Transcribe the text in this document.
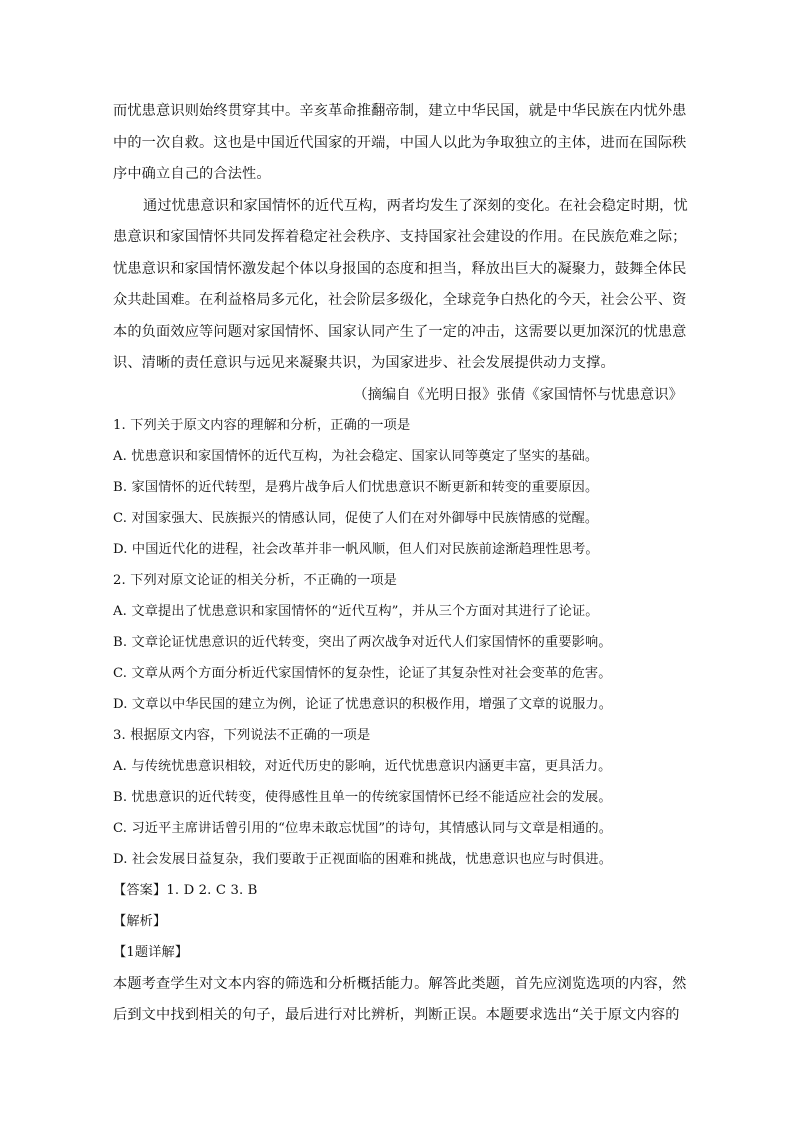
而忧患意识则始终贯穿其中。辛亥革命推翻帝制，建立中华民国，就是中华民族在内忧外患
中的一次自救。这也是中国近代国家的开端，中国人以此为争取独立的主体，进而在国际秩
序中确立自己的合法性。
通过忧患意识和家国情怀的近代互构，两者均发生了深刻的变化。在社会稳定时期，忧
患意识和家国情怀共同发挥着稳定社会秩序、支持国家社会建设的作用。在民族危难之际；
忧患意识和家国情怀激发起个体以身报国的态度和担当，释放出巨大的凝聚力，鼓舞全体民
众共赴国难。在利益格局多元化，社会阶层多级化，全球竞争白热化的今天，社会公平、资
本的负面效应等问题对家国情怀、国家认同产生了一定的冲击，这需要以更加深沉的忧患意
识、清晰的责任意识与远见来凝聚共识，为国家进步、社会发展提供动力支撑。
（摘编自《光明日报》张倩《家国情怀与忧患意识》
1. 下列关于原文内容的理解和分析，正确的一项是
A. 忧患意识和家国情怀的近代互构，为社会稳定、国家认同等奠定了坚实的基础。
B. 家国情怀的近代转型，是鸦片战争后人们忧患意识不断更新和转变的重要原因。
C. 对国家强大、民族振兴的情感认同，促使了人们在对外御辱中民族情感的觉醒。
D. 中国近代化的进程，社会改革并非一帆风顺，但人们对民族前途渐趋理性思考。
2. 下列对原文论证的相关分析，不正确的一项是
A. 文章提出了忧患意识和家国情怀的“近代互构”，并从三个方面对其进行了论证。
B. 文章论证忧患意识的近代转变，突出了两次战争对近代人们家国情怀的重要影响。
C. 文章从两个方面分析近代家国情怀的复杂性，论证了其复杂性对社会变革的危害。
D. 文章以中华民国的建立为例，论证了忧患意识的积极作用，增强了文章的说服力。
3. 根据原文内容，下列说法不正确的一项是
A. 与传统忧患意识相较，对近代历史的影响，近代忧患意识内涵更丰富，更具活力。
B. 忧患意识的近代转变，使得感性且单一的传统家国情怀已经不能适应社会的发展。
C. 习近平主席讲话曾引用的“位卑未敢忘忧国”的诗句，其情感认同与文章是相通的。
D. 社会发展日益复杂，我们要敢于正视面临的困难和挑战，忧患意识也应与时俱进。
【答案】1. D 2. C 3. B
【解析】
【1题详解】
本题考查学生对文本内容的筛选和分析概括能力。解答此类题，首先应浏览选项的内容，然
后到文中找到相关的句子，最后进行对比辨析，判断正误。本题要求选出“关于原文内容的
